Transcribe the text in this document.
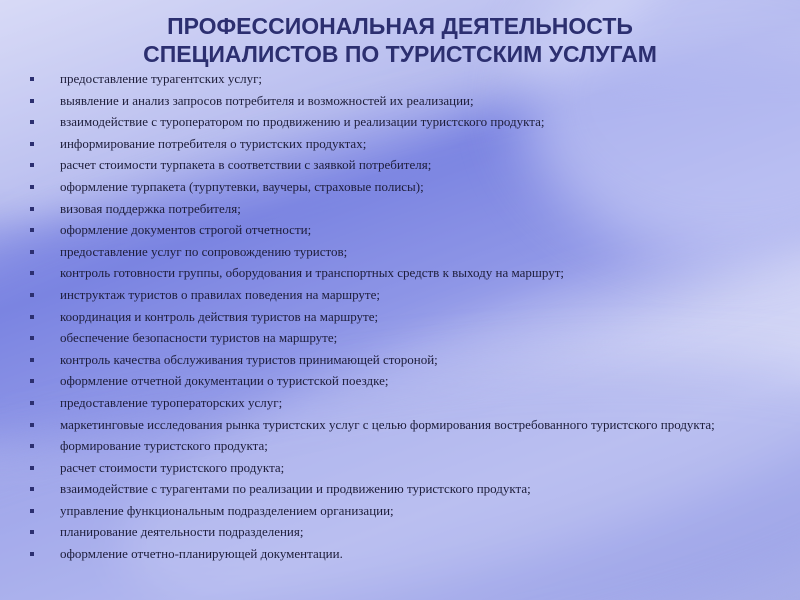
ПРОФЕССИОНАЛЬНАЯ ДЕЯТЕЛЬНОСТЬ
СПЕЦИАЛИСТОВ ПО ТУРИСТСКИМ УСЛУГАМ
предоставление турагентских услуг;
выявление и анализ запросов потребителя и возможностей их реализации;
взаимодействие с туроператором по продвижению и реализации туристского продукта;
информирование потребителя о туристских продуктах;
расчет стоимости турпакета в соответствии с заявкой потребителя;
оформление турпакета (турпутевки, ваучеры, страховые полисы);
визовая поддержка потребителя;
оформление документов строгой отчетности;
предоставление услуг по сопровождению туристов;
контроль готовности группы, оборудования и транспортных средств к выходу на маршрут;
инструктаж туристов о правилах поведения на маршруте;
координация и контроль действия туристов на маршруте;
обеспечение безопасности туристов на маршруте;
контроль качества обслуживания туристов принимающей стороной;
оформление отчетной документации о туристской поездке;
предоставление туроператорских услуг;
маркетинговые исследования рынка туристских услуг с целью формирования востребованного туристского продукта;
формирование туристского продукта;
расчет стоимости туристского продукта;
взаимодействие с турагентами по реализации и продвижению туристского продукта;
управление функциональным подразделением организации;
планирование деятельности подразделения;
оформление отчетно-планирующей документации.
